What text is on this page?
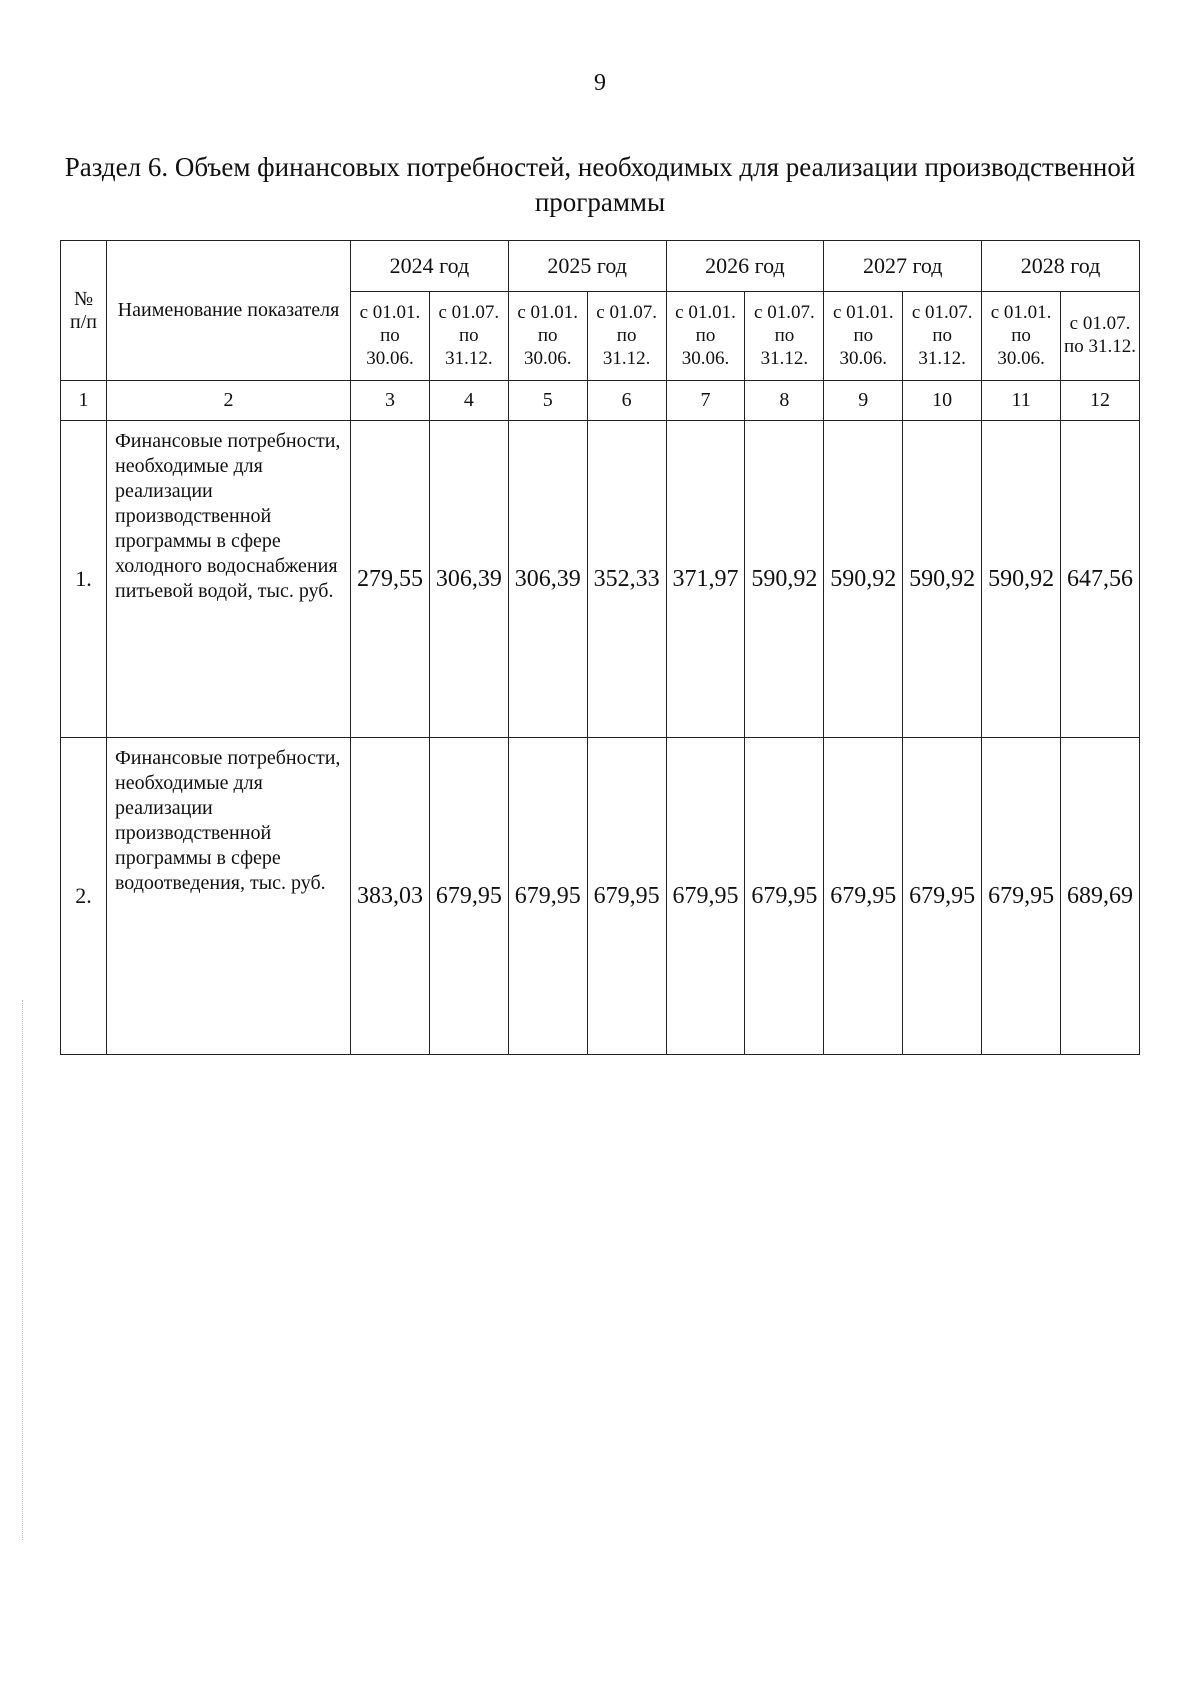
9
Раздел 6. Объем финансовых потребностей, необходимых для реализации производственной программы
№ п/п	Наименование показателя	2024 год		2025 год		2026 год		2027 год		2028 год	
		с 01.01. по 30.06.	с 01.07. по 31.12.	с 01.01. по 30.06.	с 01.07. по 31.12.	с 01.01. по 30.06.	с 01.07. по 31.12.	с 01.01. по 30.06.	с 01.07. по 31.12.	с 01.01. по 30.06.	с 01.07. по 31.12.
1	2	3	4	5	6	7	8	9	10	11	12
1.	Финансовые потребности, необходимые для реализации производственной программы в сфере холодного водоснабжения питьевой водой, тыс. руб.	279,55	306,39	306,39	352,33	371,97	590,92	590,92	590,92	590,92	647,56
2.	Финансовые потребности, необходимые для реализации производственной программы в сфере водоотведения, тыс. руб.	383,03	679,95	679,95	679,95	679,95	679,95	679,95	679,95	679,95	689,69
